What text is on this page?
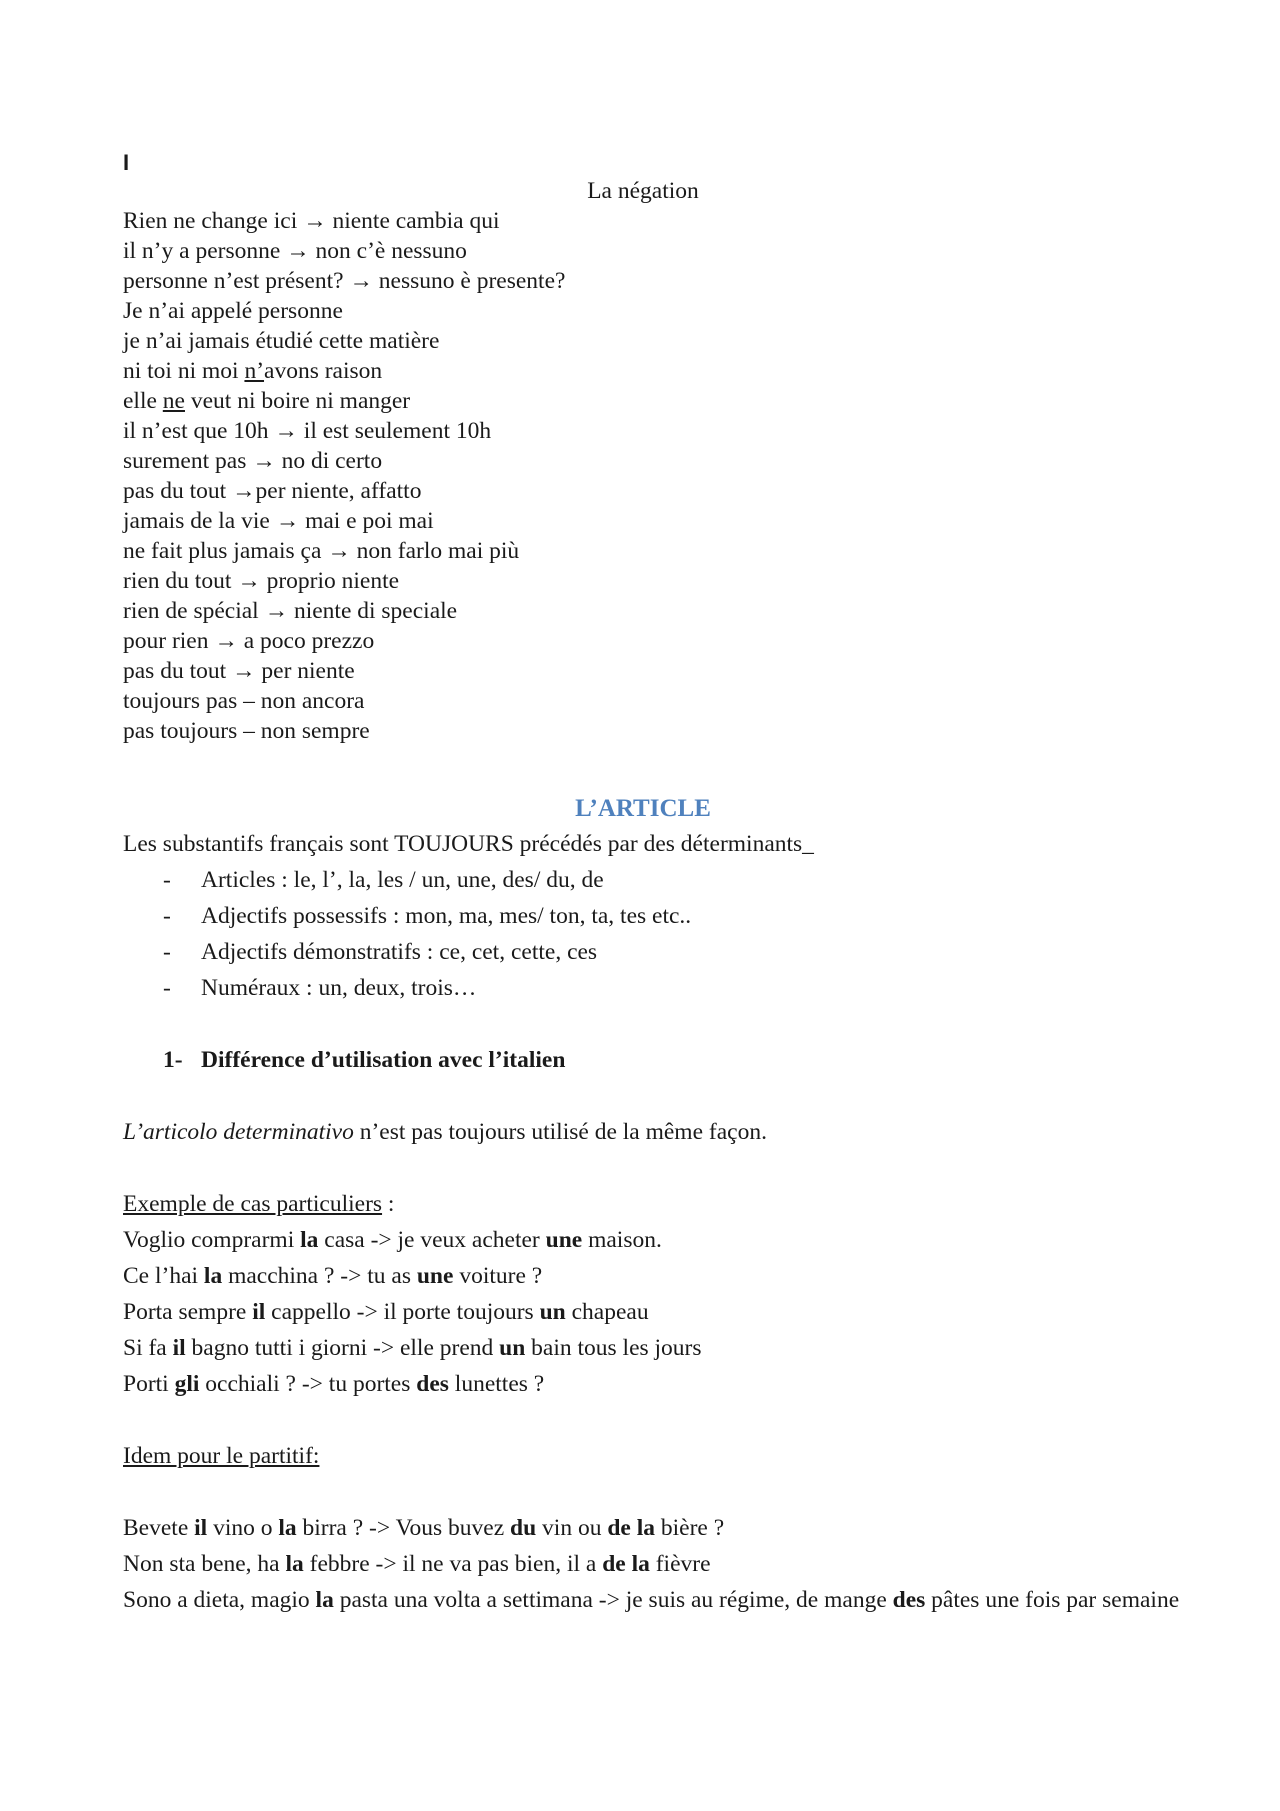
I
La négation
Rien ne change ici → niente cambia qui
il n’y a personne → non c’è nessuno
personne n’est présent? → nessuno è presente?
Je n’ai appelé personne
je n’ai jamais étudié cette matière
ni toi ni moi n’avons raison
elle ne veut ni boire ni manger
il n’est que 10h → il est seulement 10h
surement pas → no di certo
pas du tout →per niente, affatto
jamais de la vie → mai e poi mai
ne fait plus jamais ça → non farlo mai più
rien du tout → proprio niente
rien de spécial → niente di speciale
pour rien → a poco prezzo
pas du tout → per niente
toujours pas – non ancora
pas toujours – non sempre
L’ARTICLE

Les substantifs français sont TOUJOURS précédés par des déterminants_

- Articles : le, l’, la, les / un, une, des/ du, de
- Adjectifs possessifs : mon, ma, mes/ ton, ta, tes etc..
- Adjectifs démonstratifs : ce, cet, cette, ces
- Numéraux : un, deux, trois…
1- Différence d’utilisation avec l’italien

L’articolo determinativo n’est pas toujours utilisé de la même façon.

Exemple de cas particuliers :

Voglio comprarmi la casa -> je veux acheter une maison.

Ce l’hai la macchina ? -> tu as une voiture ?

Porta sempre il cappello -> il porte toujours un chapeau

Si fa il bagno tutti i giorni -> elle prend un bain tous les jours

Porti gli occhiali ? -> tu portes des lunettes ?

Idem pour le partitif:

Bevete il vino o la birra ? -> Vous buvez du vin ou de la bière ?

Non sta bene, ha la febbre -> il ne va pas bien, il a de la fièvre

Sono a dieta, magio la pasta una volta a settimana -> je suis au régime, de mange des pâtes une fois par semaine
